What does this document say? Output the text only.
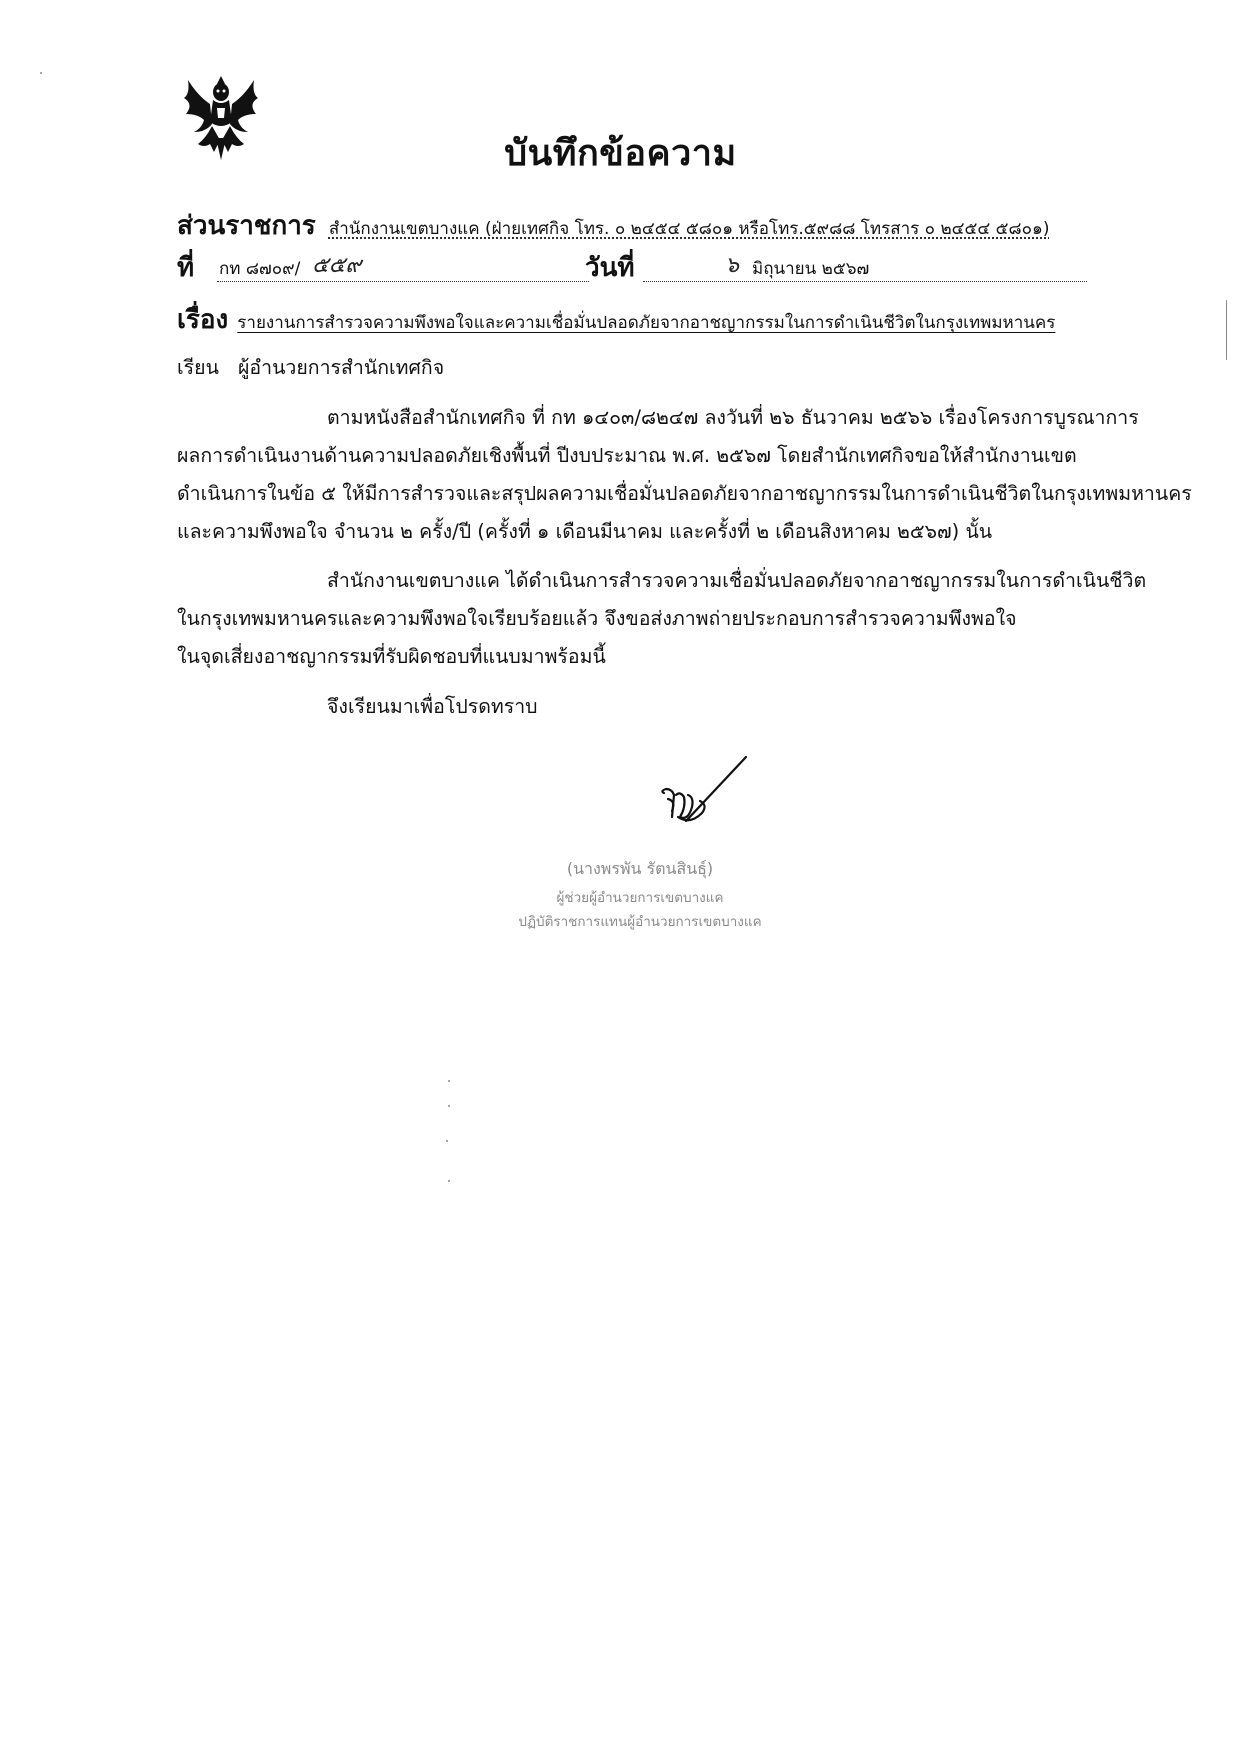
บันทึกข้อความ
ส่วนราชการ สำนักงานเขตบางแค (ฝ่ายเทศกิจ โทร. ๐ ๒๔๕๔ ๕๘๐๑ หรือโทร.๕๙๘๘ โทรสาร ๐ ๒๔๕๔ ๕๘๐๑)
ที่ กท ๘๗๐๙/ ๕๕๙	วันที่	๖ มิถุนายน ๒๕๖๗
เรื่อง รายงานการสำรวจความพึงพอใจและความเชื่อมั่นปลอดภัยจากอาชญากรรมในการดำเนินชีวิตในกรุงเทพมหานคร
เรียน ผู้อำนวยการสำนักเทศกิจ
ตามหนังสือสำนักเทศกิจ ที่ กท ๑๔๐๓/๘๒๔๗ ลงวันที่ ๒๖ ธันวาคม ๒๕๖๖ เรื่องโครงการบูรณาการ
ผลการดำเนินงานด้านความปลอดภัยเชิงพื้นที่ ปีงบประมาณ พ.ศ. ๒๕๖๗ โดยสำนักเทศกิจขอให้สำนักงานเขต
ดำเนินการในข้อ ๕ ให้มีการสำรวจและสรุปผลความเชื่อมั่นปลอดภัยจากอาชญากรรมในการดำเนินชีวิตในกรุงเทพมหานคร
และความพึงพอใจ จำนวน ๒ ครั้ง/ปี (ครั้งที่ ๑ เดือนมีนาคม และครั้งที่ ๒ เดือนสิงหาคม ๒๕๖๗) นั้น
สำนักงานเขตบางแค ได้ดำเนินการสำรวจความเชื่อมั่นปลอดภัยจากอาชญากรรมในการดำเนินชีวิต
ในกรุงเทพมหานครและความพึงพอใจเรียบร้อยแล้ว จึงขอส่งภาพถ่ายประกอบการสำรวจความพึงพอใจ
ในจุดเสี่ยงอาชญากรรมที่รับผิดชอบที่แนบมาพร้อมนี้
จึงเรียนมาเพื่อโปรดทราบ
(นางพรพัน รัตนสินธุ์)
ผู้ช่วยผู้อำนวยการเขตบางแค
ปฏิบัติราชการแทนผู้อำนวยการเขตบางแค
